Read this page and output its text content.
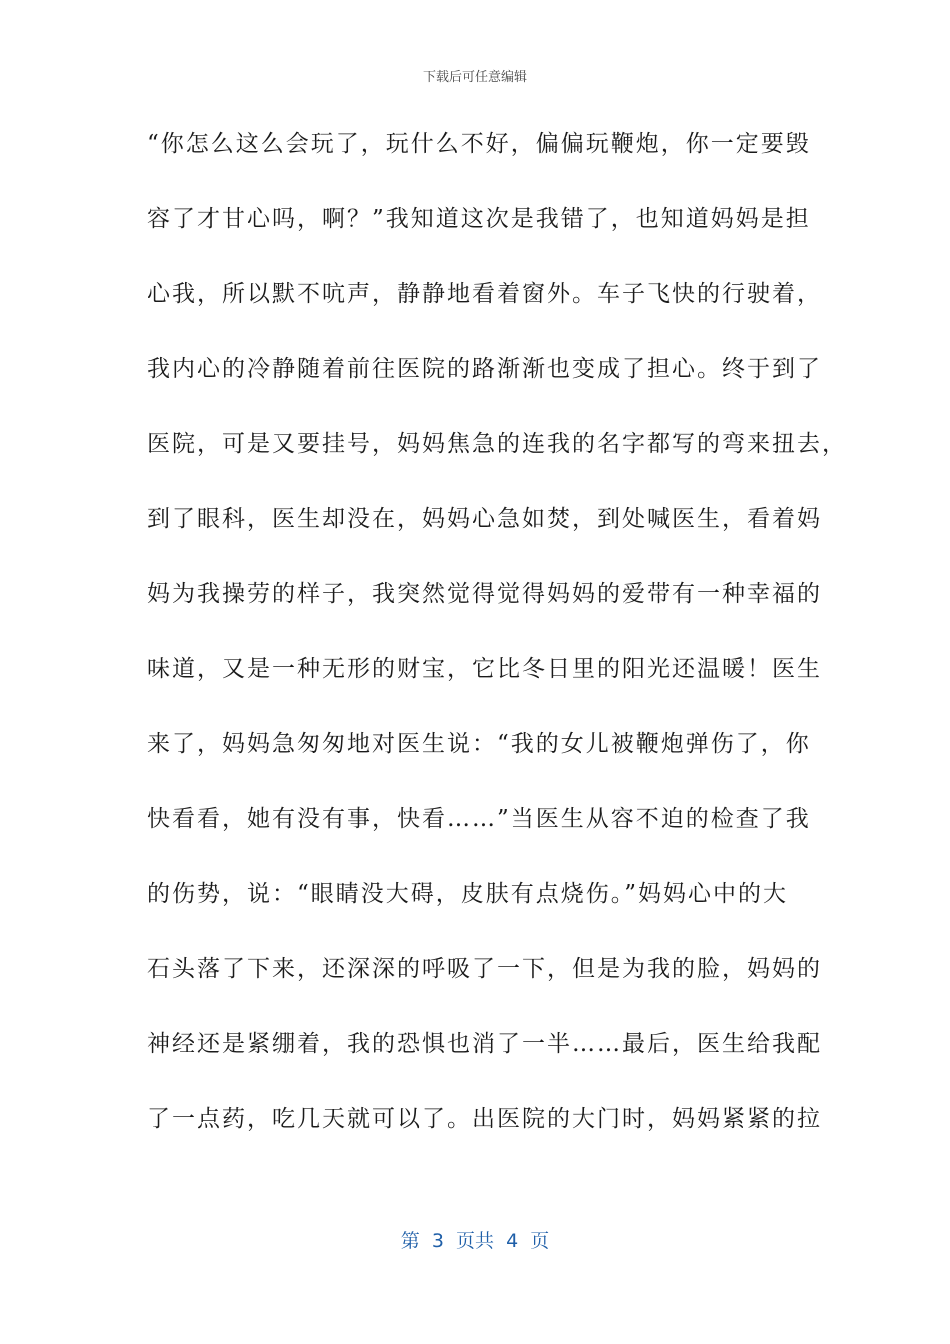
下载后可任意编辑
“你怎么这么会玩了，玩什么不好，偏偏玩鞭炮，你一定要毁
容了才甘心吗，啊？”我知道这次是我错了，也知道妈妈是担
心我，所以默不吭声，静静地看着窗外。车子飞快的行驶着，
我内心的冷静随着前往医院的路渐渐也变成了担心。终于到了
医院，可是又要挂号，妈妈焦急的连我的名字都写的弯来扭去，
到了眼科，医生却没在，妈妈心急如焚，到处喊医生，看着妈
妈为我操劳的样子，我突然觉得觉得妈妈的爱带有一种幸福的
味道，又是一种无形的财宝，它比冬日里的阳光还温暖！医生
来了，妈妈急匆匆地对医生说：“我的女儿被鞭炮弹伤了，你
快看看，她有没有事，快看……”当医生从容不迫的检查了我
的伤势，说：“眼睛没大碍，皮肤有点烧伤。”妈妈心中的大
石头落了下来，还深深的呼吸了一下，但是为我的脸，妈妈的
神经还是紧绷着，我的恐惧也消了一半……最后，医生给我配
了一点药，吃几天就可以了。出医院的大门时，妈妈紧紧的拉
第  3  页共  4  页
